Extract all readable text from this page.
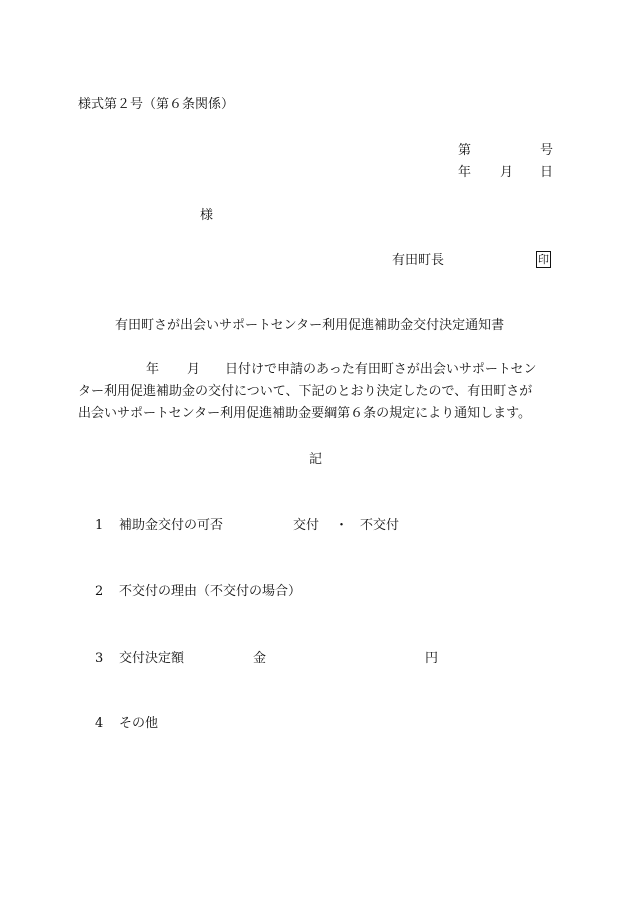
様式第２号（第６条関係）
第	号
年 月 日
様
有田町長	印
有田町さが出会いサポートセンター利用促進補助金交付決定通知書
年 月 日付けで申請のあった有田町さが出会いサポートセン
ター利用促進補助金の交付について、下記のとおり決定したので、有田町さが
出会いサポートセンター利用促進補助金要綱第６条の規定により通知します。
記
1 補助金交付の可否	交付 ・ 不交付
2 不交付の理由（不交付の場合）
3 交付決定額	金	円
4 その他
